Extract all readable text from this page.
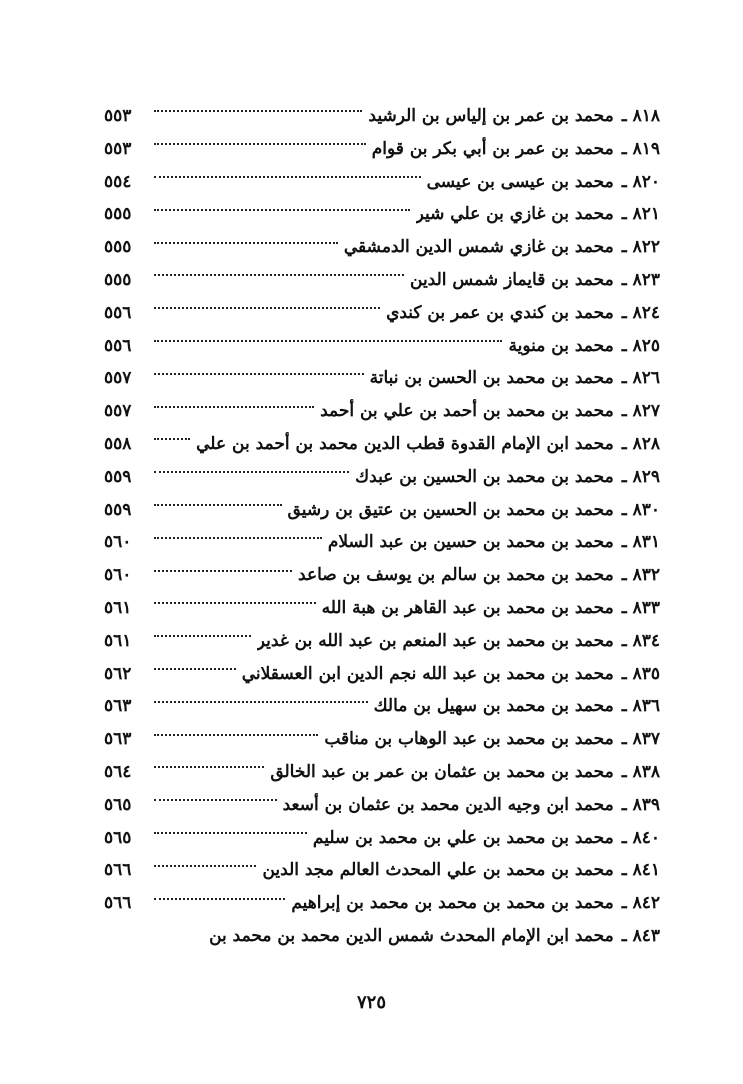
٨١٨ ـ
محمد بن عمر بن إلياس بن الرشيد
٥٥٣
٨١٩ ـ
محمد بن عمر بن أبي بكر بن قوام
٥٥٣
٨٢٠ ـ
محمد بن عيسى بن عيسى
٥٥٤
٨٢١ ـ
محمد بن غازي بن علي شير
٥٥٥
٨٢٢ ـ
محمد بن غازي شمس الدين الدمشقي
٥٥٥
٨٢٣ ـ
محمد بن قايماز شمس الدين
٥٥٥
٨٢٤ ـ
محمد بن كندي بن عمر بن كندي
٥٥٦
٨٢٥ ـ
محمد بن منوية
٥٥٦
٨٢٦ ـ
محمد بن محمد بن الحسن بن نباتة
٥٥٧
٨٢٧ ـ
محمد بن محمد بن أحمد بن علي بن أحمد
٥٥٧
٨٢٨ ـ
محمد ابن الإمام القدوة قطب الدين محمد بن أحمد بن علي
٥٥٨
٨٢٩ ـ
محمد بن محمد بن الحسين بن عبدك
٥٥٩
٨٣٠ ـ
محمد بن محمد بن الحسين بن عتيق بن رشيق
٥٥٩
٨٣١ ـ
محمد بن محمد بن حسين بن عبد السلام
٥٦٠
٨٣٢ ـ
محمد بن محمد بن سالم بن يوسف بن صاعد
٥٦٠
٨٣٣ ـ
محمد بن محمد بن عبد القاهر بن هبة الله
٥٦١
٨٣٤ ـ
محمد بن محمد بن عبد المنعم بن عبد الله بن غدير
٥٦١
٨٣٥ ـ
محمد بن محمد بن عبد الله نجم الدين ابن العسقلاني
٥٦٢
٨٣٦ ـ
محمد بن محمد بن سهيل بن مالك
٥٦٣
٨٣٧ ـ
محمد بن محمد بن عبد الوهاب بن مناقب
٥٦٣
٨٣٨ ـ
محمد بن محمد بن عثمان بن عمر بن عبد الخالق
٥٦٤
٨٣٩ ـ
محمد ابن وجيه الدين محمد بن عثمان بن أسعد
٥٦٥
٨٤٠ ـ
محمد بن محمد بن علي بن محمد بن سليم
٥٦٥
٨٤١ ـ
محمد بن محمد بن علي المحدث العالم مجد الدين
٥٦٦
٨٤٢ ـ
محمد بن محمد بن محمد بن محمد بن إبراهيم
٥٦٦
٨٤٣ ـ
محمد ابن الإمام المحدث شمس الدين محمد بن محمد بن
٧٢٥
